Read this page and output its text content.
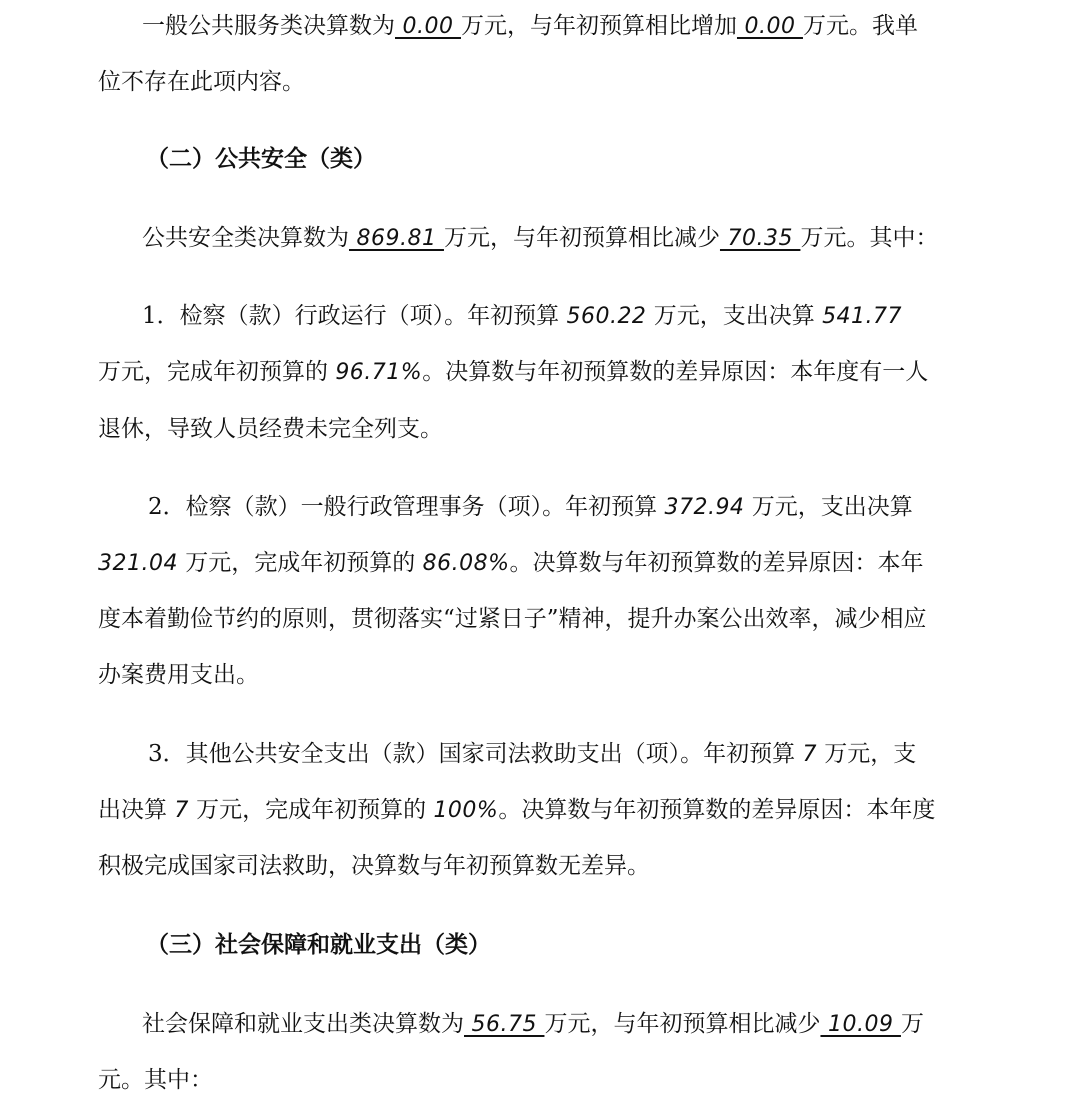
一般公共服务类决算数为 0.00 万元，与年初预算相比增加 0.00 万元。我单
位不存在此项内容。
（二）公共安全（类）
公共安全类决算数为 869.81 万元，与年初预算相比减少 70.35 万元。其中：
1．检察（款）行政运行（项）。年初预算 560.22 万元，支出决算 541.77
万元，完成年初预算的 96.71%。决算数与年初预算数的差异原因：本年度有一人
退休，导致人员经费未完全列支。
2．检察（款）一般行政管理事务（项）。年初预算 372.94 万元，支出决算
321.04 万元，完成年初预算的 86.08%。决算数与年初预算数的差异原因：本年
度本着勤俭节约的原则，贯彻落实“过紧日子”精神，提升办案公出效率，减少相应
办案费用支出。
3．其他公共安全支出（款）国家司法救助支出（项）。年初预算 7 万元，支
出决算 7 万元，完成年初预算的 100%。决算数与年初预算数的差异原因：本年度
积极完成国家司法救助，决算数与年初预算数无差异。
（三）社会保障和就业支出（类）
社会保障和就业支出类决算数为 56.75 万元，与年初预算相比减少 10.09 万
元。其中：
